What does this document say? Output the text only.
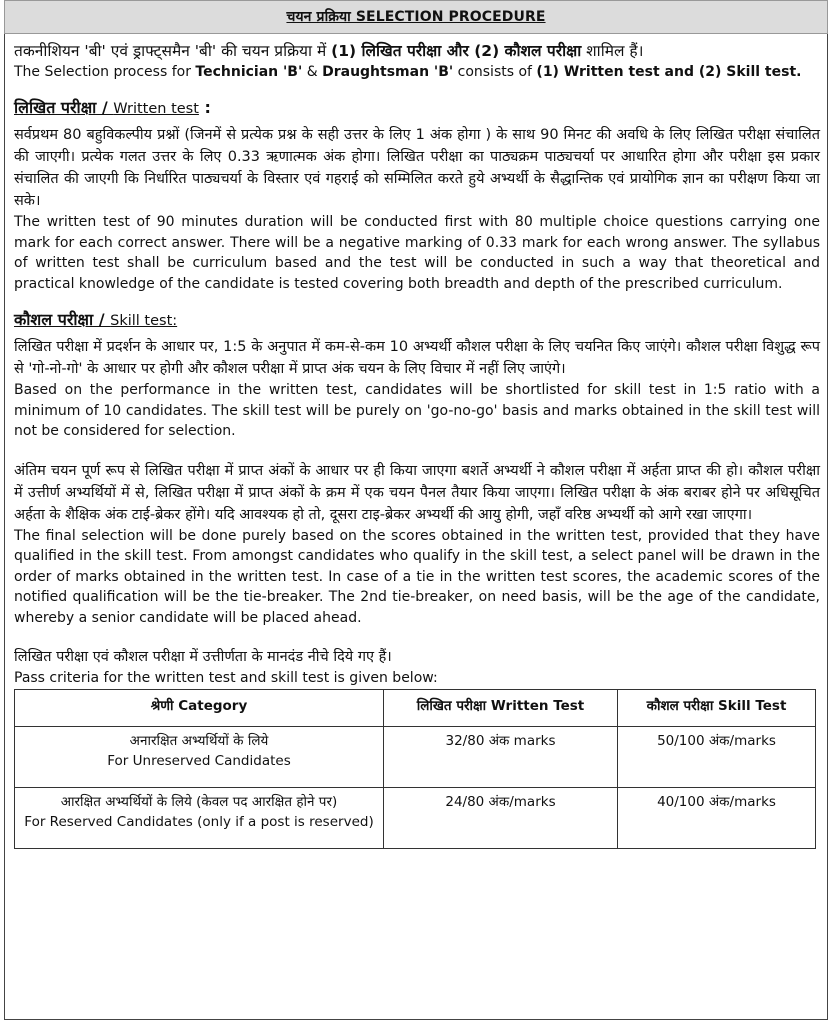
चयन प्रक्रिया SELECTION PROCEDURE

तकनीशियन 'बी' एवं ड्राफ्ट्समैन 'बी' की चयन प्रक्रिया में (1) लिखित परीक्षा और (2) कौशल परीक्षा शामिल हैं।

The Selection process for Technician 'B' & Draughtsman 'B' consists of (1) Written test and (2) Skill test.

लिखित परीक्षा / Written test :

सर्वप्रथम 80 बहुविकल्पीय प्रश्नों (जिनमें से प्रत्येक प्रश्न के सही उत्तर के लिए 1 अंक होगा ) के साथ 90 मिनट की अवधि के लिए लिखित परीक्षा संचालित की जाएगी। प्रत्येक गलत उत्तर के लिए 0.33 ऋणात्मक अंक होगा। लिखित परीक्षा का पाठ्यक्रम पाठ्यचर्या पर आधारित होगा और परीक्षा इस प्रकार संचालित की जाएगी कि निर्धारित पाठ्यचर्या के विस्तार एवं गहराई को सम्मिलित करते हुये अभ्यर्थी के सैद्धान्तिक एवं प्रायोगिक ज्ञान का परीक्षण किया जा सके।

The written test of 90 minutes duration will be conducted first with 80 multiple choice questions carrying one mark for each correct answer. There will be a negative marking of 0.33 mark for each wrong answer. The syllabus of written test shall be curriculum based and the test will be conducted in such a way that theoretical and practical knowledge of the candidate is tested covering both breadth and depth of the prescribed curriculum.

कौशल परीक्षा / Skill test:

लिखित परीक्षा में प्रदर्शन के आधार पर, 1:5 के अनुपात में कम-से-कम 10 अभ्यर्थी कौशल परीक्षा के लिए चयनित किए जाएंगे। कौशल परीक्षा विशुद्ध रूप से 'गो-नो-गो' के आधार पर होगी और कौशल परीक्षा में प्राप्त अंक चयन के लिए विचार में नहीं लिए जाएंगे।

Based on the performance in the written test, candidates will be shortlisted for skill test in 1:5 ratio with a minimum of 10 candidates. The skill test will be purely on 'go-no-go' basis and marks obtained in the skill test will not be considered for selection.

अंतिम चयन पूर्ण रूप से लिखित परीक्षा में प्राप्त अंकों के आधार पर ही किया जाएगा बशर्ते अभ्यर्थी ने कौशल परीक्षा में अर्हता प्राप्त की हो। कौशल परीक्षा में उत्तीर्ण अभ्यर्थियों में से, लिखित परीक्षा में प्राप्त अंकों के क्रम में एक चयन पैनल तैयार किया जाएगा। लिखित परीक्षा के अंक बराबर होने पर अधिसूचित अर्हता के शैक्षिक अंक टाई-ब्रेकर होंगे। यदि आवश्यक हो तो, दूसरा टाइ-ब्रेकर अभ्यर्थी की आयु होगी, जहाँ वरिष्ठ अभ्यर्थी को आगे रखा जाएगा।

The final selection will be done purely based on the scores obtained in the written test, provided that they have qualified in the skill test. From amongst candidates who qualify in the skill test, a select panel will be drawn in the order of marks obtained in the written test. In case of a tie in the written test scores, the academic scores of the notified qualification will be the tie-breaker. The 2nd tie-breaker, on need basis, will be the age of the candidate, whereby a senior candidate will be placed ahead.

लिखित परीक्षा एवं कौशल परीक्षा में उत्तीर्णता के मानदंड नीचे दिये गए हैं।

Pass criteria for the written test and skill test is given below:

श्रेणी Category	लिखित परीक्षा Written Test	कौशल परीक्षा Skill Test
अनारक्षित अभ्यर्थियों के लिये
For Unreserved Candidates	32/80 अंक marks	50/100 अंक/marks
आरक्षित अभ्यर्थियों के लिये (केवल पद आरक्षित होने पर)
For Reserved Candidates (only if a post is reserved)	24/80 अंक/marks	40/100 अंक/marks
